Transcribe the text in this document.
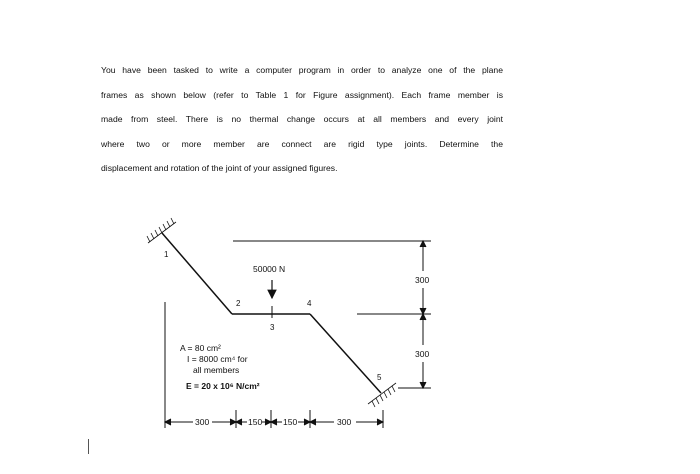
You have been tasked to write a computer program in order to analyze one of the plane
frames as shown below (refer to Table 1 for Figure assignment). Each frame member is
made from steel. There is no thermal change occurs at all members and every joint
where two or more member are connect are rigid type joints. Determine the
displacement and rotation of the joint of your assigned figures.
1
2
3
4
5
50000 N
A = 80 cm²
I = 8000 cm⁴ for
all members
E = 20 x 10⁶ N/cm²
300
300
300	150 150	300
